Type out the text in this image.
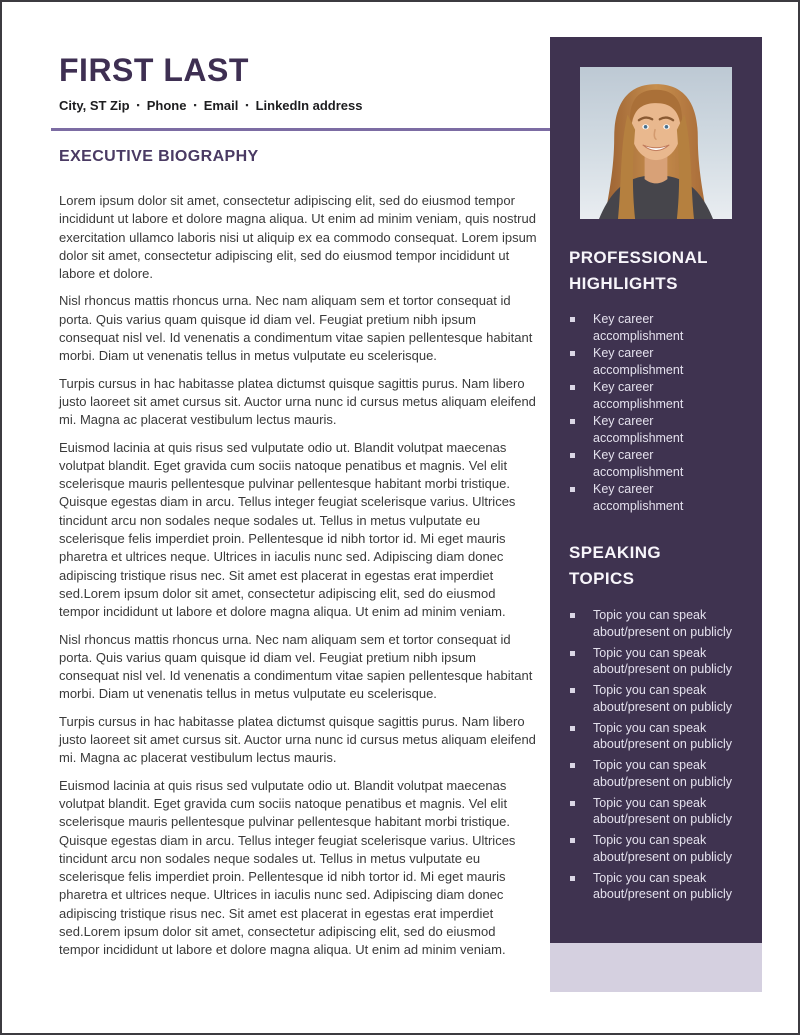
FIRST LAST
City, ST Zip ▪ Phone ▪ Email ▪ LinkedIn address
EXECUTIVE BIOGRAPHY

Lorem ipsum dolor sit amet, consectetur adipiscing elit, sed do eiusmod tempor incididunt ut labore et dolore magna aliqua. Ut enim ad minim veniam, quis nostrud exercitation ullamco laboris nisi ut aliquip ex ea commodo consequat. Lorem ipsum dolor sit amet, consectetur adipiscing elit, sed do eiusmod tempor incididunt ut labore et dolore.

Nisl rhoncus mattis rhoncus urna. Nec nam aliquam sem et tortor consequat id porta. Quis varius quam quisque id diam vel. Feugiat pretium nibh ipsum consequat nisl vel. Id venenatis a condimentum vitae sapien pellentesque habitant morbi. Diam ut venenatis tellus in metus vulputate eu scelerisque.

Turpis cursus in hac habitasse platea dictumst quisque sagittis purus. Nam libero justo laoreet sit amet cursus sit. Auctor urna nunc id cursus metus aliquam eleifend mi. Magna ac placerat vestibulum lectus mauris.

Euismod lacinia at quis risus sed vulputate odio ut. Blandit volutpat maecenas volutpat blandit. Eget gravida cum sociis natoque penatibus et magnis. Vel elit scelerisque mauris pellentesque pulvinar pellentesque habitant morbi tristique. Quisque egestas diam in arcu. Tellus integer feugiat scelerisque varius. Ultrices tincidunt arcu non sodales neque sodales ut. Tellus in metus vulputate eu scelerisque felis imperdiet proin. Pellentesque id nibh tortor id. Mi eget mauris pharetra et ultrices neque. Ultrices in iaculis nunc sed. Adipiscing diam donec adipiscing tristique risus nec. Sit amet est placerat in egestas erat imperdiet sed.Lorem ipsum dolor sit amet, consectetur adipiscing elit, sed do eiusmod tempor incididunt ut labore et dolore magna aliqua. Ut enim ad minim veniam.

Nisl rhoncus mattis rhoncus urna. Nec nam aliquam sem et tortor consequat id porta. Quis varius quam quisque id diam vel. Feugiat pretium nibh ipsum consequat nisl vel. Id venenatis a condimentum vitae sapien pellentesque habitant morbi. Diam ut venenatis tellus in metus vulputate eu scelerisque.

Turpis cursus in hac habitasse platea dictumst quisque sagittis purus. Nam libero justo laoreet sit amet cursus sit. Auctor urna nunc id cursus metus aliquam eleifend mi. Magna ac placerat vestibulum lectus mauris.

Euismod lacinia at quis risus sed vulputate odio ut. Blandit volutpat maecenas volutpat blandit. Eget gravida cum sociis natoque penatibus et magnis. Vel elit scelerisque mauris pellentesque pulvinar pellentesque habitant morbi tristique. Quisque egestas diam in arcu. Tellus integer feugiat scelerisque varius. Ultrices tincidunt arcu non sodales neque sodales ut. Tellus in metus vulputate eu scelerisque felis imperdiet proin. Pellentesque id nibh tortor id. Mi eget mauris pharetra et ultrices neque. Ultrices in iaculis nunc sed. Adipiscing diam donec adipiscing tristique risus nec. Sit amet est placerat in egestas erat imperdiet sed.Lorem ipsum dolor sit amet, consectetur adipiscing elit, sed do eiusmod tempor incididunt ut labore et dolore magna aliqua. Ut enim ad minim veniam.

PROFESSIONAL HIGHLIGHTS
Key career accomplishment
Key career accomplishment
Key career accomplishment
Key career accomplishment
Key career accomplishment
Key career accomplishment
SPEAKING TOPICS
Topic you can speak about/present on publicly
Topic you can speak about/present on publicly
Topic you can speak about/present on publicly
Topic you can speak about/present on publicly
Topic you can speak about/present on publicly
Topic you can speak about/present on publicly
Topic you can speak about/present on publicly
Topic you can speak about/present on publicly
